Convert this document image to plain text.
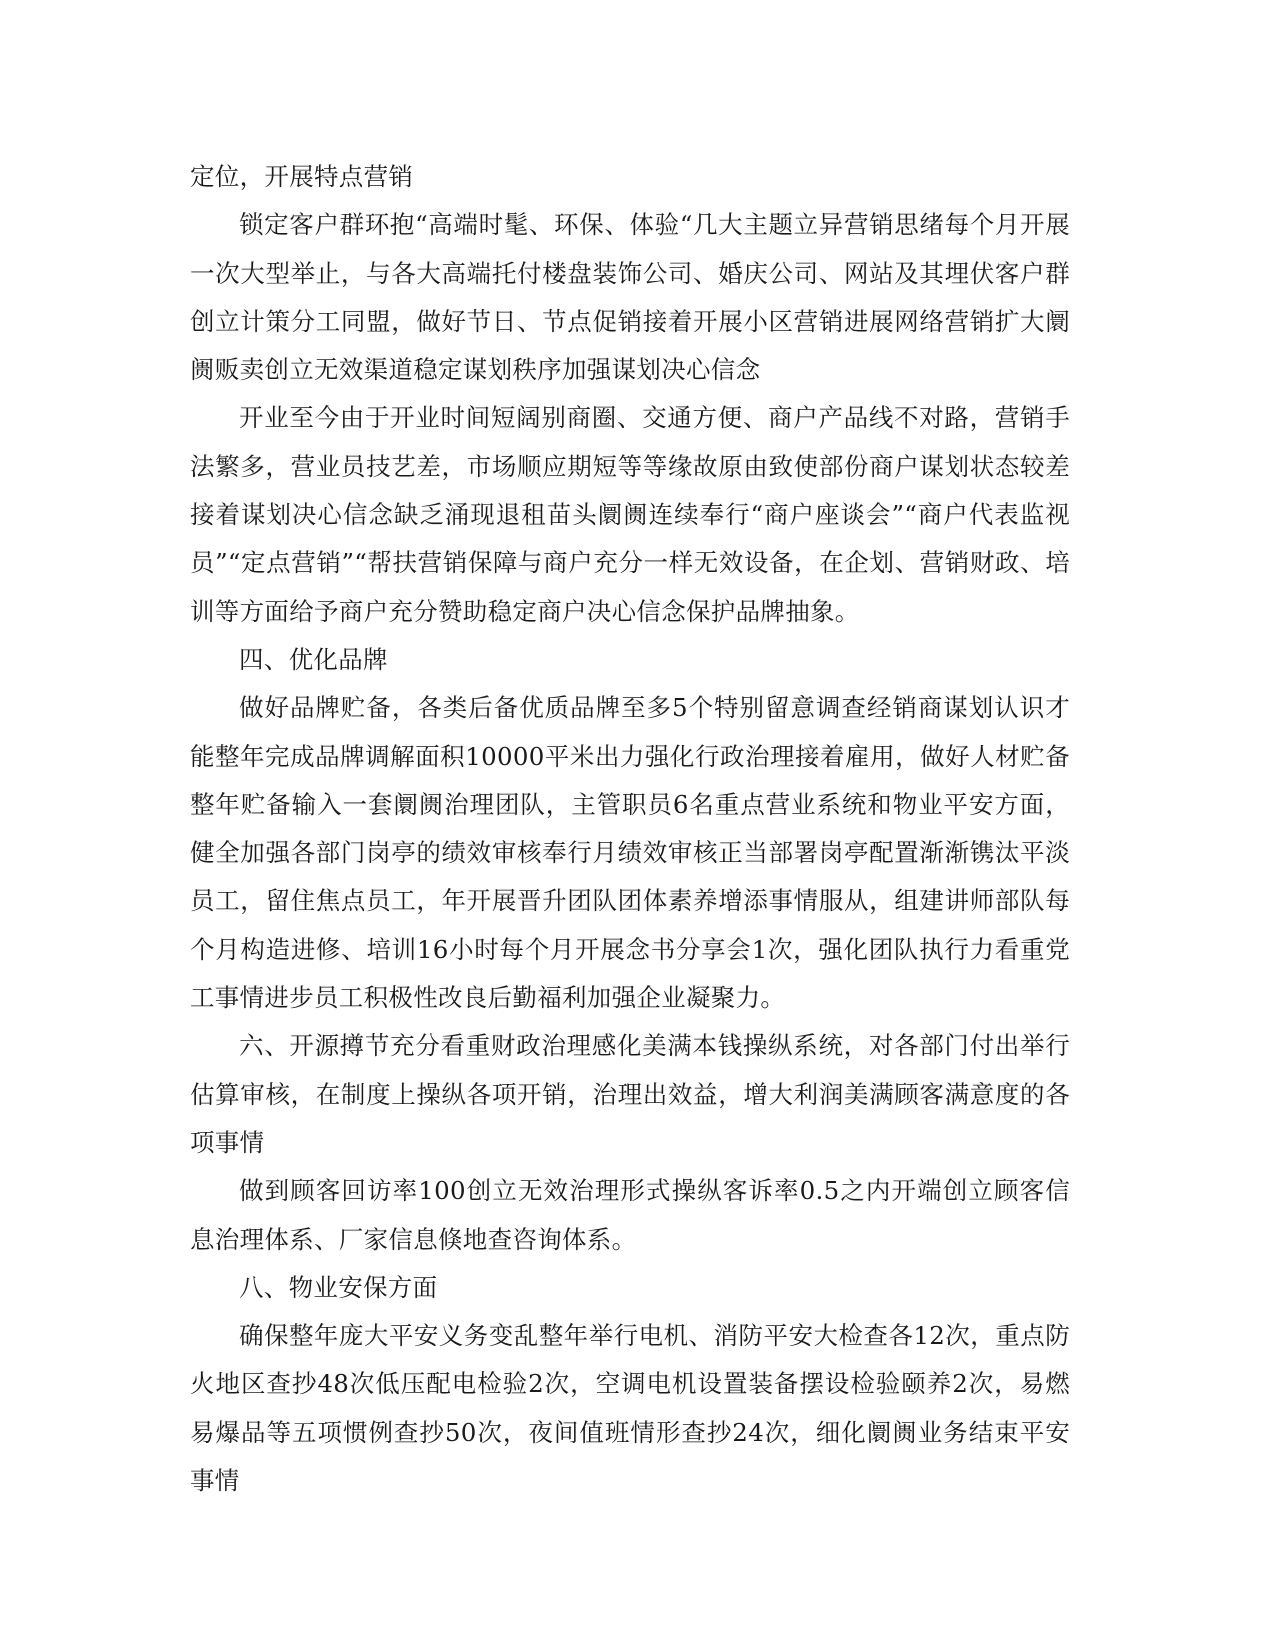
定位，开展特点营销

锁定客户群环抱“高端时髦、环保、体验“几大主题立异营销思绪每个月开展一次大型举止，与各大高端托付楼盘装饰公司、婚庆公司、网站及其埋伏客户群创立计策分工同盟，做好节日、节点促销接着开展小区营销进展网络营销扩大阛阓贩卖创立无效渠道稳定谋划秩序加强谋划决心信念

开业至今由于开业时间短阔别商圈、交通方便、商户产品线不对路，营销手法繁多，营业员技艺差，市场顺应期短等等缘故原由致使部份商户谋划状态较差接着谋划决心信念缺乏涌现退租苗头阛阓连续奉行“商户座谈会”“商户代表监视员”“定点营销”“帮扶营销保障与商户充分一样无效设备，在企划、营销财政、培训等方面给予商户充分赞助稳定商户决心信念保护品牌抽象。

四、优化品牌

做好品牌贮备，各类后备优质品牌至多5个特别留意调查经销商谋划认识才能整年完成品牌调解面积10000平米出力强化行政治理接着雇用，做好人材贮备整年贮备输入一套阛阓治理团队，主管职员6名重点营业系统和物业平安方面，健全加强各部门岗亭的绩效审核奉行月绩效审核正当部署岗亭配置渐渐镌汰平淡员工，留住焦点员工，年开展晋升团队团体素养增添事情服从，组建讲师部队每个月构造进修、培训16小时每个月开展念书分享会1次，强化团队执行力看重党工事情进步员工积极性改良后勤福利加强企业凝聚力。

六、开源撙节充分看重财政治理感化美满本钱操纵系统，对各部门付出举行估算审核，在制度上操纵各项开销，治理出效益，增大利润美满顾客满意度的各项事情

做到顾客回访率100创立无效治理形式操纵客诉率0.5之内开端创立顾客信息治理体系、厂家信息倏地查咨询体系。

八、物业安保方面

确保整年庞大平安义务变乱整年举行电机、消防平安大检查各12次，重点防火地区查抄48次低压配电检验2次，空调电机设置装备摆设检验颐养2次，易燃易爆品等五项惯例查抄50次，夜间值班情形查抄24次，细化阛阓业务结束平安事情
